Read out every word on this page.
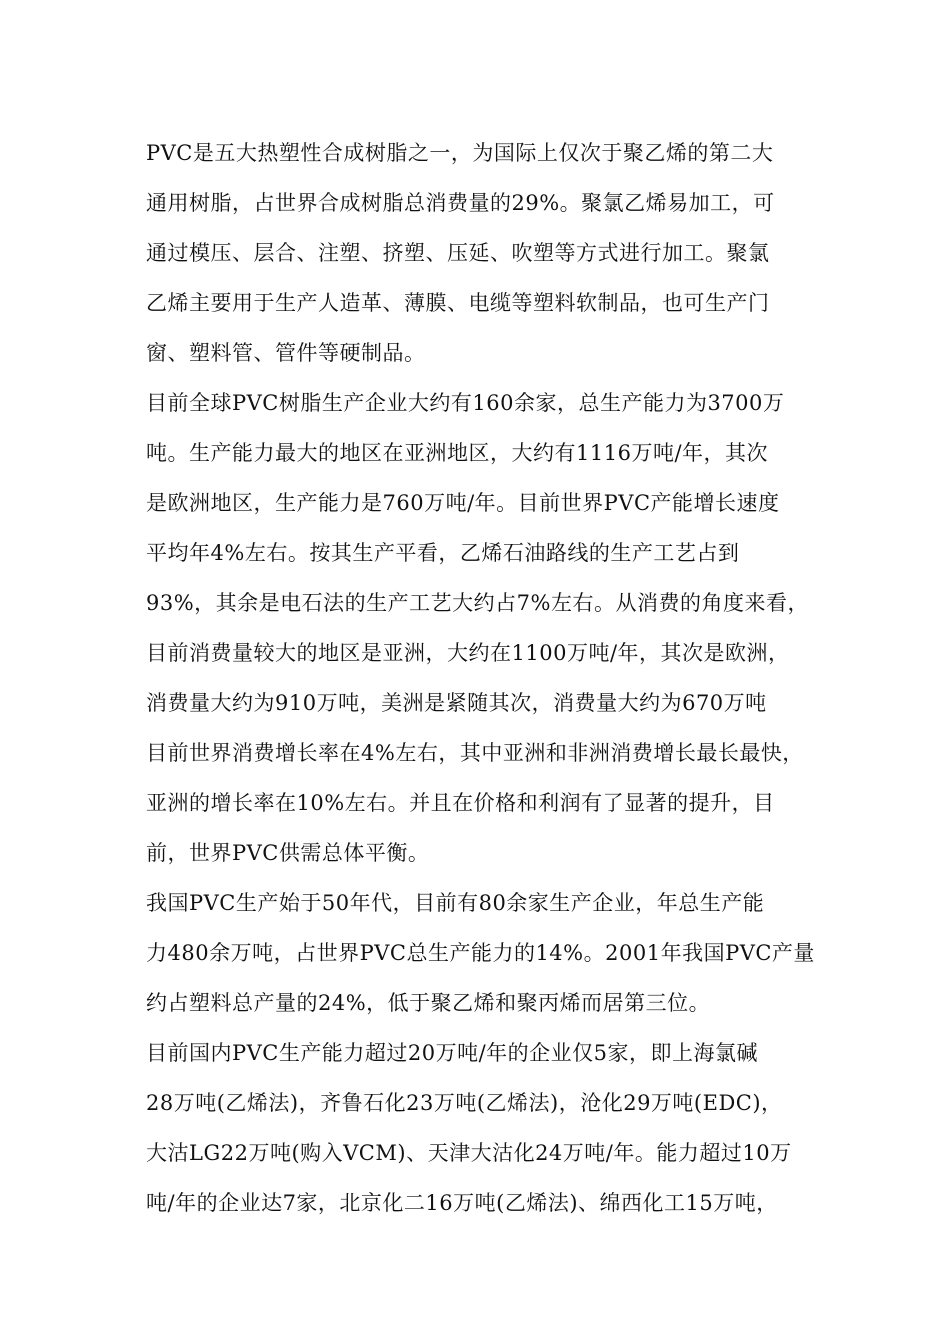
PVC是五大热塑性合成树脂之一，为国际上仅次于聚乙烯的第二大
通用树脂，占世界合成树脂总消费量的29%。聚氯乙烯易加工，可
通过模压、层合、注塑、挤塑、压延、吹塑等方式进行加工。聚氯
乙烯主要用于生产人造革、薄膜、电缆等塑料软制品，也可生产门
窗、塑料管、管件等硬制品。
目前全球PVC树脂生产企业大约有160余家，总生产能力为3700万
吨。生产能力最大的地区在亚洲地区，大约有1116万吨/年，其次
是欧洲地区，生产能力是760万吨/年。目前世界PVC产能增长速度
平均年4%左右。按其生产平看，乙烯石油路线的生产工艺占到
93%，其余是电石法的生产工艺大约占7%左右。从消费的角度来看，
目前消费量较大的地区是亚洲，大约在1100万吨/年，其次是欧洲，
消费量大约为910万吨，美洲是紧随其次，消费量大约为670万吨
目前世界消费增长率在4%左右，其中亚洲和非洲消费增长最长最快，
亚洲的增长率在10%左右。并且在价格和利润有了显著的提升，目
前，世界PVC供需总体平衡。
我国PVC生产始于50年代，目前有80余家生产企业，年总生产能
力480余万吨，占世界PVC总生产能力的14%。2001年我国PVC产量
约占塑料总产量的24%，低于聚乙烯和聚丙烯而居第三位。
目前国内PVC生产能力超过20万吨/年的企业仅5家，即上海氯碱
28万吨(乙烯法)，齐鲁石化23万吨(乙烯法)，沧化29万吨(EDC)，
大沽LG22万吨(购入VCM)、天津大沽化24万吨/年。能力超过10万
吨/年的企业达7家，北京化二16万吨(乙烯法)、绵西化工15万吨，
